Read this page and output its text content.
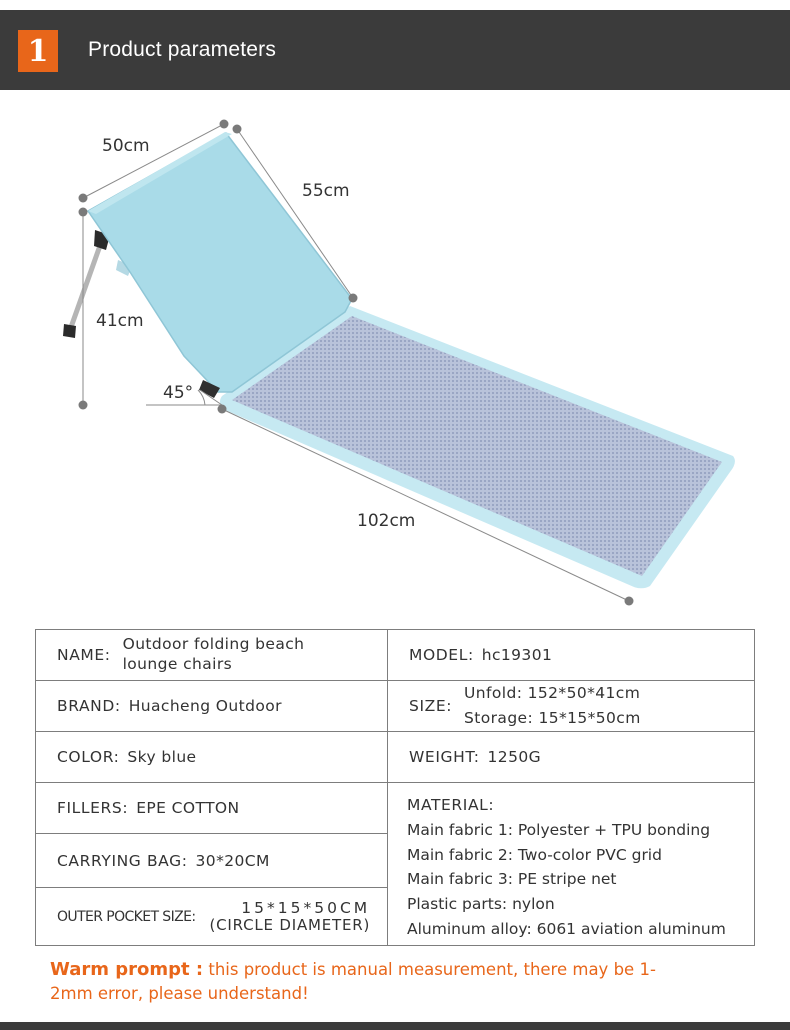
1	Product parameters
50cm
55cm
41cm
45°
102cm
NAME:
Outdoor folding beach
lounge chairs	MODEL: hc19301
BRAND: Huacheng Outdoor	SIZE:
Unfold: 152*50*41cm
Storage: 15*15*50cm
COLOR: Sky blue	WEIGHT: 1250G
FILLERS: EPE COTTON
CARRYING BAG: 30*20CM
OUTER POCKET SIZE:	15*15*50CM
(CIRCLE DIAMETER)
MATERIAL:
Main fabric 1: Polyester + TPU bonding
Main fabric 2: Two-color PVC grid
Main fabric 3: PE stripe net
Plastic parts: nylon
Aluminum alloy: 6061 aviation aluminum
Warm prompt : this product is manual measurement, there may be 1-2mm error, please understand!
